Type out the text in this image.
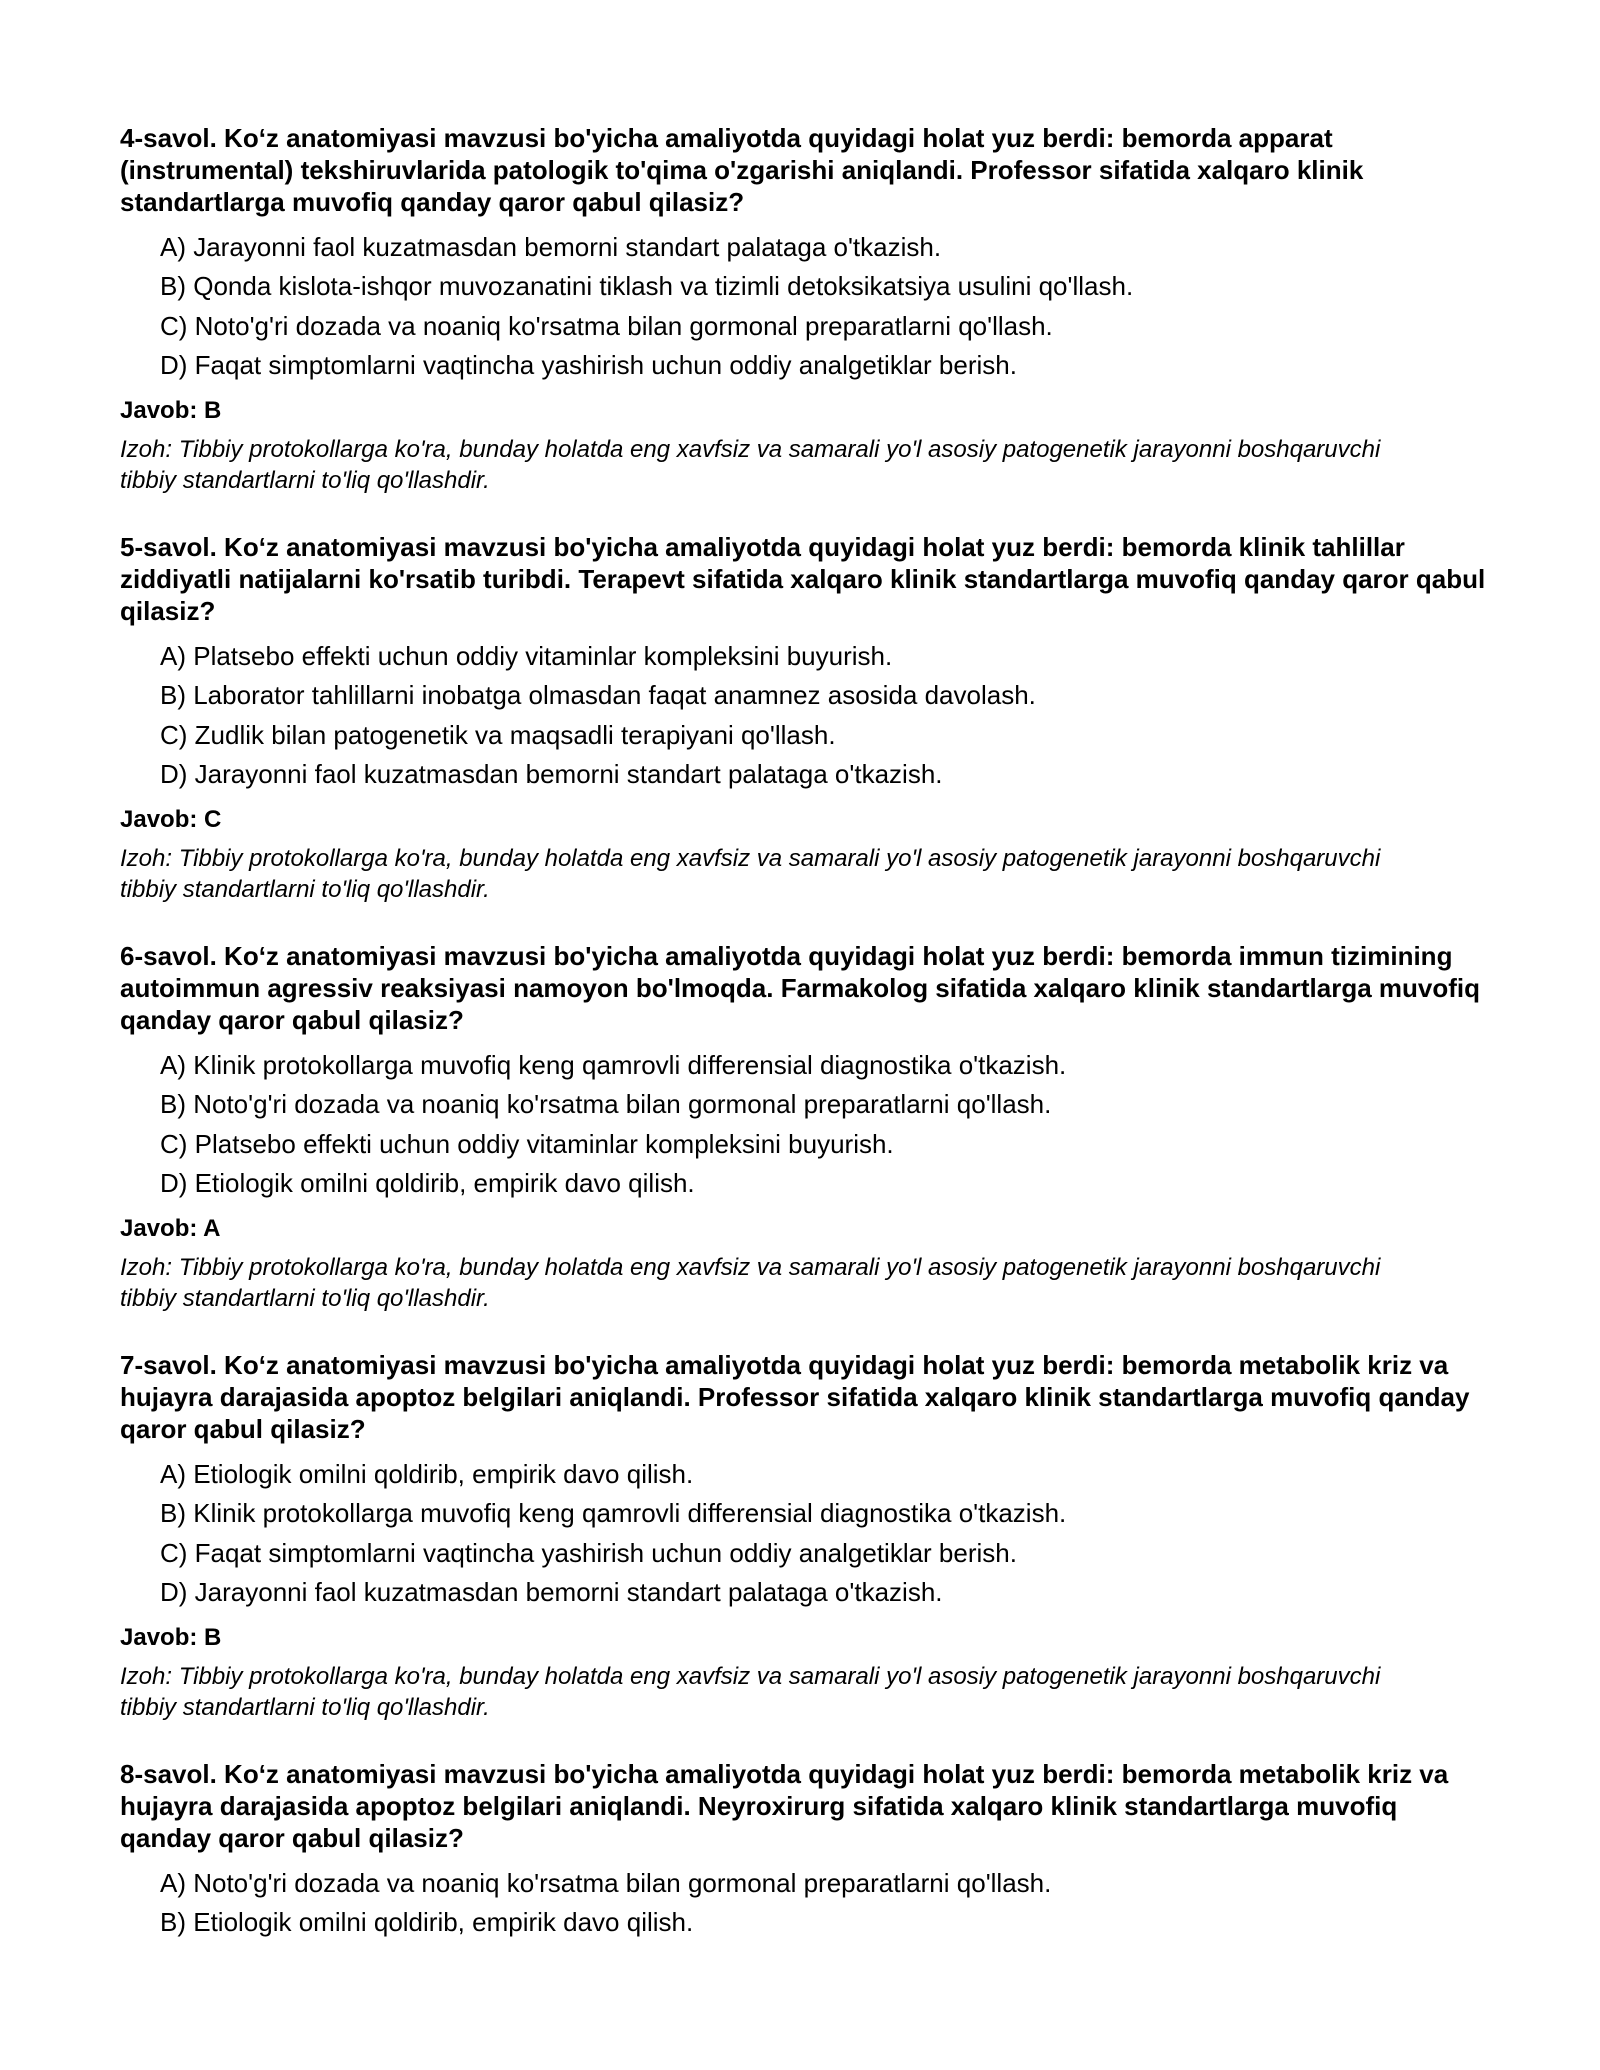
4-savol. Ko‘z anatomiyasi mavzusi bo'yicha amaliyotda quyidagi holat yuz berdi: bemorda apparat (instrumental) tekshiruvlarida patologik to'qima o'zgarishi aniqlandi. Professor sifatida xalqaro klinik standartlarga muvofiq qanday qaror qabul qilasiz?

A) Jarayonni faol kuzatmasdan bemorni standart palataga o'tkazish.
B) Qonda kislota-ishqor muvozanatini tiklash va tizimli detoksikatsiya usulini qo'llash.
C) Noto'g'ri dozada va noaniq ko'rsatma bilan gormonal preparatlarni qo'llash.
D) Faqat simptomlarni vaqtincha yashirish uchun oddiy analgetiklar berish.
Javob: B
Izoh: Tibbiy protokollarga ko'ra, bunday holatda eng xavfsiz va samarali yo'l asosiy patogenetik jarayonni boshqaruvchi tibbiy standartlarni to'liq qo'llashdir.

5-savol. Ko‘z anatomiyasi mavzusi bo'yicha amaliyotda quyidagi holat yuz berdi: bemorda klinik tahlillar ziddiyatli natijalarni ko'rsatib turibdi. Terapevt sifatida xalqaro klinik standartlarga muvofiq qanday qaror qabul qilasiz?

A) Platsebo effekti uchun oddiy vitaminlar kompleksini buyurish.
B) Laborator tahlillarni inobatga olmasdan faqat anamnez asosida davolash.
C) Zudlik bilan patogenetik va maqsadli terapiyani qo'llash.
D) Jarayonni faol kuzatmasdan bemorni standart palataga o'tkazish.
Javob: C
Izoh: Tibbiy protokollarga ko'ra, bunday holatda eng xavfsiz va samarali yo'l asosiy patogenetik jarayonni boshqaruvchi tibbiy standartlarni to'liq qo'llashdir.

6-savol. Ko‘z anatomiyasi mavzusi bo'yicha amaliyotda quyidagi holat yuz berdi: bemorda immun tizimining autoimmun agressiv reaksiyasi namoyon bo'lmoqda. Farmakolog sifatida xalqaro klinik standartlarga muvofiq qanday qaror qabul qilasiz?

A) Klinik protokollarga muvofiq keng qamrovli differensial diagnostika o'tkazish.
B) Noto'g'ri dozada va noaniq ko'rsatma bilan gormonal preparatlarni qo'llash.
C) Platsebo effekti uchun oddiy vitaminlar kompleksini buyurish.
D) Etiologik omilni qoldirib, empirik davo qilish.
Javob: A
Izoh: Tibbiy protokollarga ko'ra, bunday holatda eng xavfsiz va samarali yo'l asosiy patogenetik jarayonni boshqaruvchi tibbiy standartlarni to'liq qo'llashdir.

7-savol. Ko‘z anatomiyasi mavzusi bo'yicha amaliyotda quyidagi holat yuz berdi: bemorda metabolik kriz va hujayra darajasida apoptoz belgilari aniqlandi. Professor sifatida xalqaro klinik standartlarga muvofiq qanday qaror qabul qilasiz?

A) Etiologik omilni qoldirib, empirik davo qilish.
B) Klinik protokollarga muvofiq keng qamrovli differensial diagnostika o'tkazish.
C) Faqat simptomlarni vaqtincha yashirish uchun oddiy analgetiklar berish.
D) Jarayonni faol kuzatmasdan bemorni standart palataga o'tkazish.
Javob: B
Izoh: Tibbiy protokollarga ko'ra, bunday holatda eng xavfsiz va samarali yo'l asosiy patogenetik jarayonni boshqaruvchi tibbiy standartlarni to'liq qo'llashdir.

8-savol. Ko‘z anatomiyasi mavzusi bo'yicha amaliyotda quyidagi holat yuz berdi: bemorda metabolik kriz va hujayra darajasida apoptoz belgilari aniqlandi. Neyroxirurg sifatida xalqaro klinik standartlarga muvofiq qanday qaror qabul qilasiz?

A) Noto'g'ri dozada va noaniq ko'rsatma bilan gormonal preparatlarni qo'llash.
B) Etiologik omilni qoldirib, empirik davo qilish.
